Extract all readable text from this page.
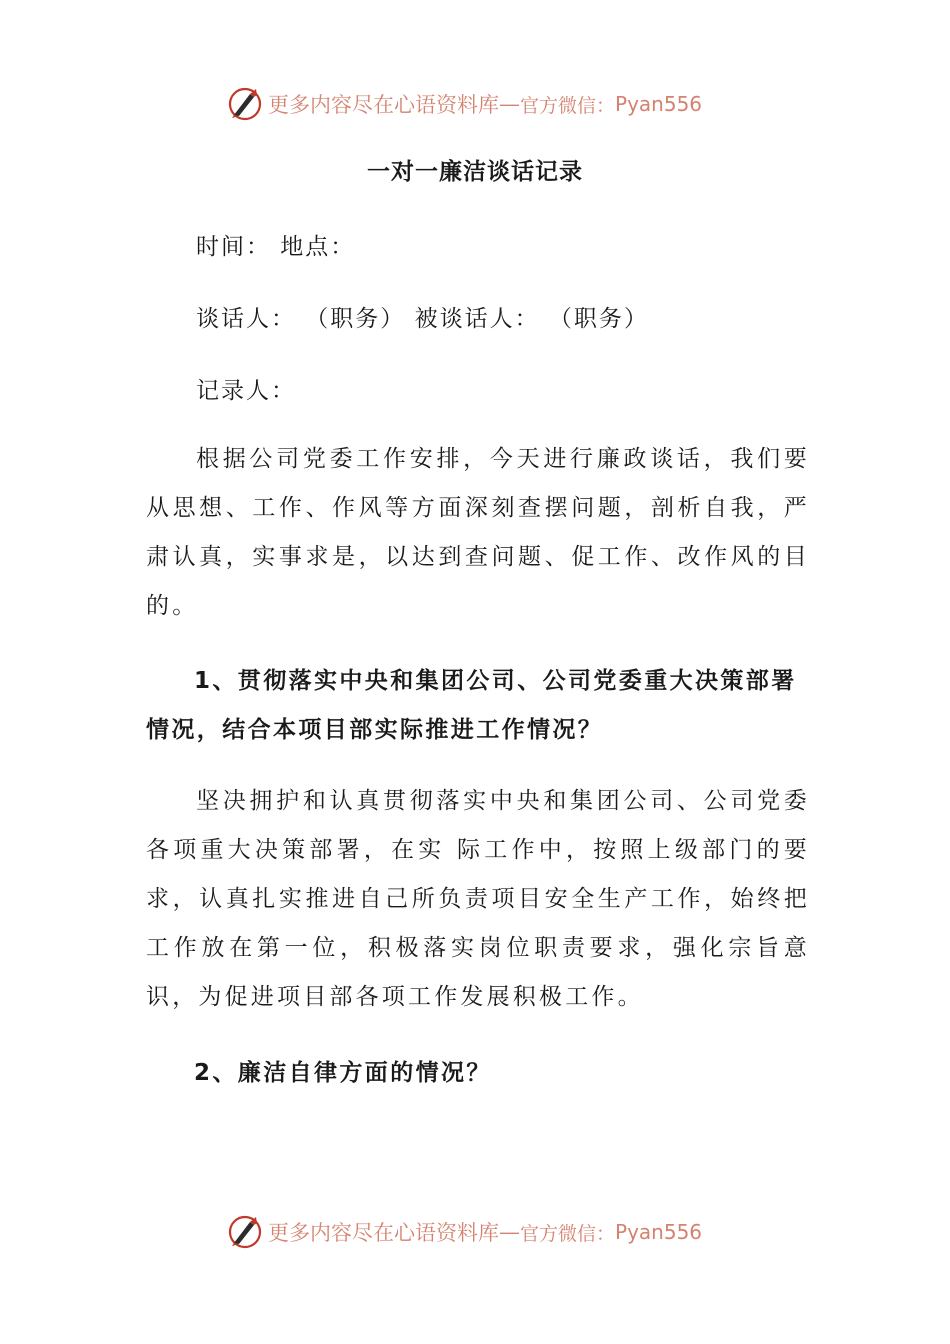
更多内容尽在心语资料库 — 官方微信： Pyan556
一对一廉洁谈话记录
时间： 地点：
谈话人： （职务） 被谈话人： （职务）
记录人：

根据公司党委工作安排，今天进行廉政谈话，我们要从思想、工作、作风等方面深刻查摆问题，剖析自我，严肃认真，实事求是，以达到查问题、促工作、改作风的目的。

1、贯彻落实中央和集团公司、公司党委重大决策部署情况，结合本项目部实际推进工作情况？

坚决拥护和认真贯彻落实中央和集团公司、公司党委各项重大决策部署，在实 际工作中，按照上级部门的要求，认真扎实推进自己所负责项目安全生产工作，始终把工作放在第一位，积极落实岗位职责要求，强化宗旨意识，为促进项目部各项工作发展积极工作。

2、廉洁自律方面的情况？

更多内容尽在心语资料库 — 官方微信： Pyan556
